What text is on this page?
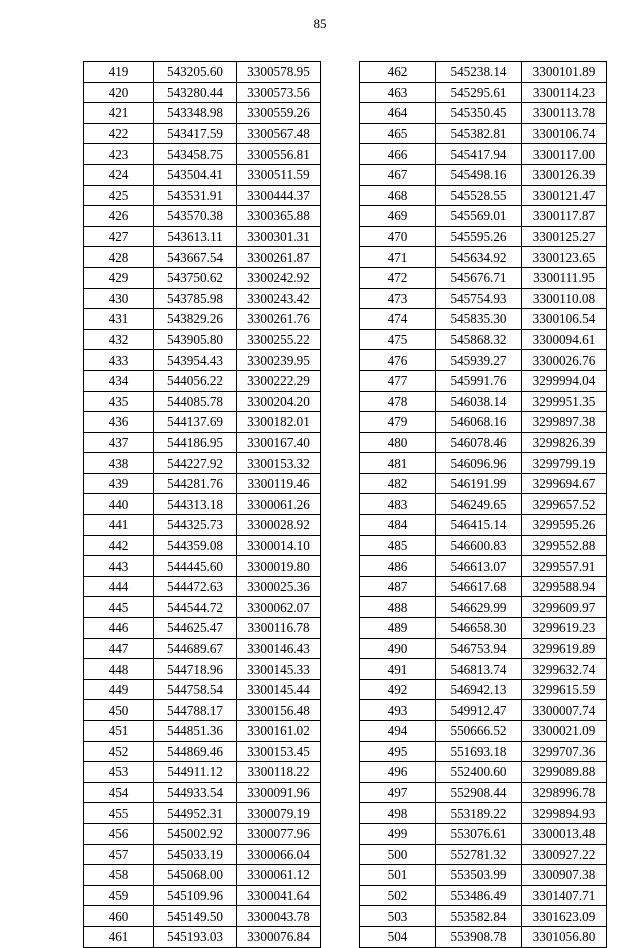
85
419	543205.60	3300578.95
420	543280.44	3300573.56
421	543348.98	3300559.26
422	543417.59	3300567.48
423	543458.75	3300556.81
424	543504.41	3300511.59
425	543531.91	3300444.37
426	543570.38	3300365.88
427	543613.11	3300301.31
428	543667.54	3300261.87
429	543750.62	3300242.92
430	543785.98	3300243.42
431	543829.26	3300261.76
432	543905.80	3300255.22
433	543954.43	3300239.95
434	544056.22	3300222.29
435	544085.78	3300204.20
436	544137.69	3300182.01
437	544186.95	3300167.40
438	544227.92	3300153.32
439	544281.76	3300119.46
440	544313.18	3300061.26
441	544325.73	3300028.92
442	544359.08	3300014.10
443	544445.60	3300019.80
444	544472.63	3300025.36
445	544544.72	3300062.07
446	544625.47	3300116.78
447	544689.67	3300146.43
448	544718.96	3300145.33
449	544758.54	3300145.44
450	544788.17	3300156.48
451	544851.36	3300161.02
452	544869.46	3300153.45
453	544911.12	3300118.22
454	544933.54	3300091.96
455	544952.31	3300079.19
456	545002.92	3300077.96
457	545033.19	3300066.04
458	545068.00	3300061.12
459	545109.96	3300041.64
460	545149.50	3300043.78
461	545193.03	3300076.84
462	545238.14	3300101.89
463	545295.61	3300114.23
464	545350.45	3300113.78
465	545382.81	3300106.74
466	545417.94	3300117.00
467	545498.16	3300126.39
468	545528.55	3300121.47
469	545569.01	3300117.87
470	545595.26	3300125.27
471	545634.92	3300123.65
472	545676.71	3300111.95
473	545754.93	3300110.08
474	545835.30	3300106.54
475	545868.32	3300094.61
476	545939.27	3300026.76
477	545991.76	3299994.04
478	546038.14	3299951.35
479	546068.16	3299897.38
480	546078.46	3299826.39
481	546096.96	3299799.19
482	546191.99	3299694.67
483	546249.65	3299657.52
484	546415.14	3299595.26
485	546600.83	3299552.88
486	546613.07	3299557.91
487	546617.68	3299588.94
488	546629.99	3299609.97
489	546658.30	3299619.23
490	546753.94	3299619.89
491	546813.74	3299632.74
492	546942.13	3299615.59
493	549912.47	3300007.74
494	550666.52	3300021.09
495	551693.18	3299707.36
496	552400.60	3299089.88
497	552908.44	3298996.78
498	553189.22	3299894.93
499	553076.61	3300013.48
500	552781.32	3300927.22
501	553503.99	3300907.38
502	553486.49	3301407.71
503	553582.84	3301623.09
504	553908.78	3301056.80
